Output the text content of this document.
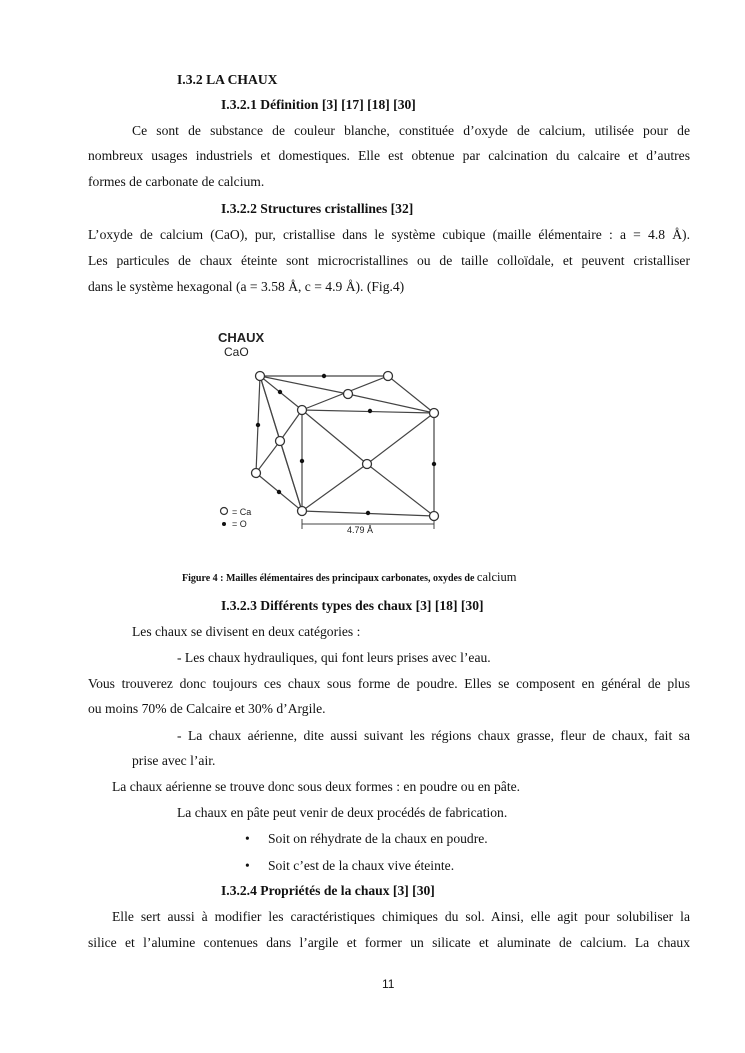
I.3.2 LA CHAUX
I.3.2.1 Définition [3] [17] [18] [30]
Ce sont de substance de couleur blanche, constituée d’oxyde de calcium, utilisée pour de
nombreux usages industriels et domestiques. Elle est obtenue par calcination du calcaire et d’autres
formes de carbonate de calcium.
I.3.2.2 Structures cristallines [32]
L’oxyde de calcium (CaO), pur, cristallise dans le système cubique (maille élémentaire : a = 4.8 Å).
Les particules de chaux éteinte sont microcristallines ou de taille colloïdale, et peuvent cristalliser
dans le système hexagonal (a = 3.58 Å, c = 4.9 Å). (Fig.4)
CHAUX
CaO
= Ca
= O
4.79 Å
Figure 4 : Mailles élémentaires des principaux carbonates, oxydes de calcium
I.3.2.3 Différents types des chaux [3] [18] [30]
Les chaux se divisent en deux catégories :
- Les chaux hydrauliques, qui font leurs prises avec l’eau.
Vous trouverez donc toujours ces chaux sous forme de poudre. Elles se composent en général de plus
ou moins 70% de Calcaire et 30% d’Argile.
- La chaux aérienne, dite aussi suivant les régions chaux grasse, fleur de chaux, fait sa
prise avec l’air.
La chaux aérienne se trouve donc sous deux formes : en poudre ou en pâte.
La chaux en pâte peut venir de deux procédés de fabrication.
• Soit on réhydrate de la chaux en poudre.
• Soit c’est de la chaux vive éteinte.
I.3.2.4 Propriétés de la chaux [3] [30]
Elle sert aussi à modifier les caractéristiques chimiques du sol. Ainsi, elle agit pour solubiliser la
silice et l’alumine contenues dans l’argile et former un silicate et aluminate de calcium. La chaux
11
